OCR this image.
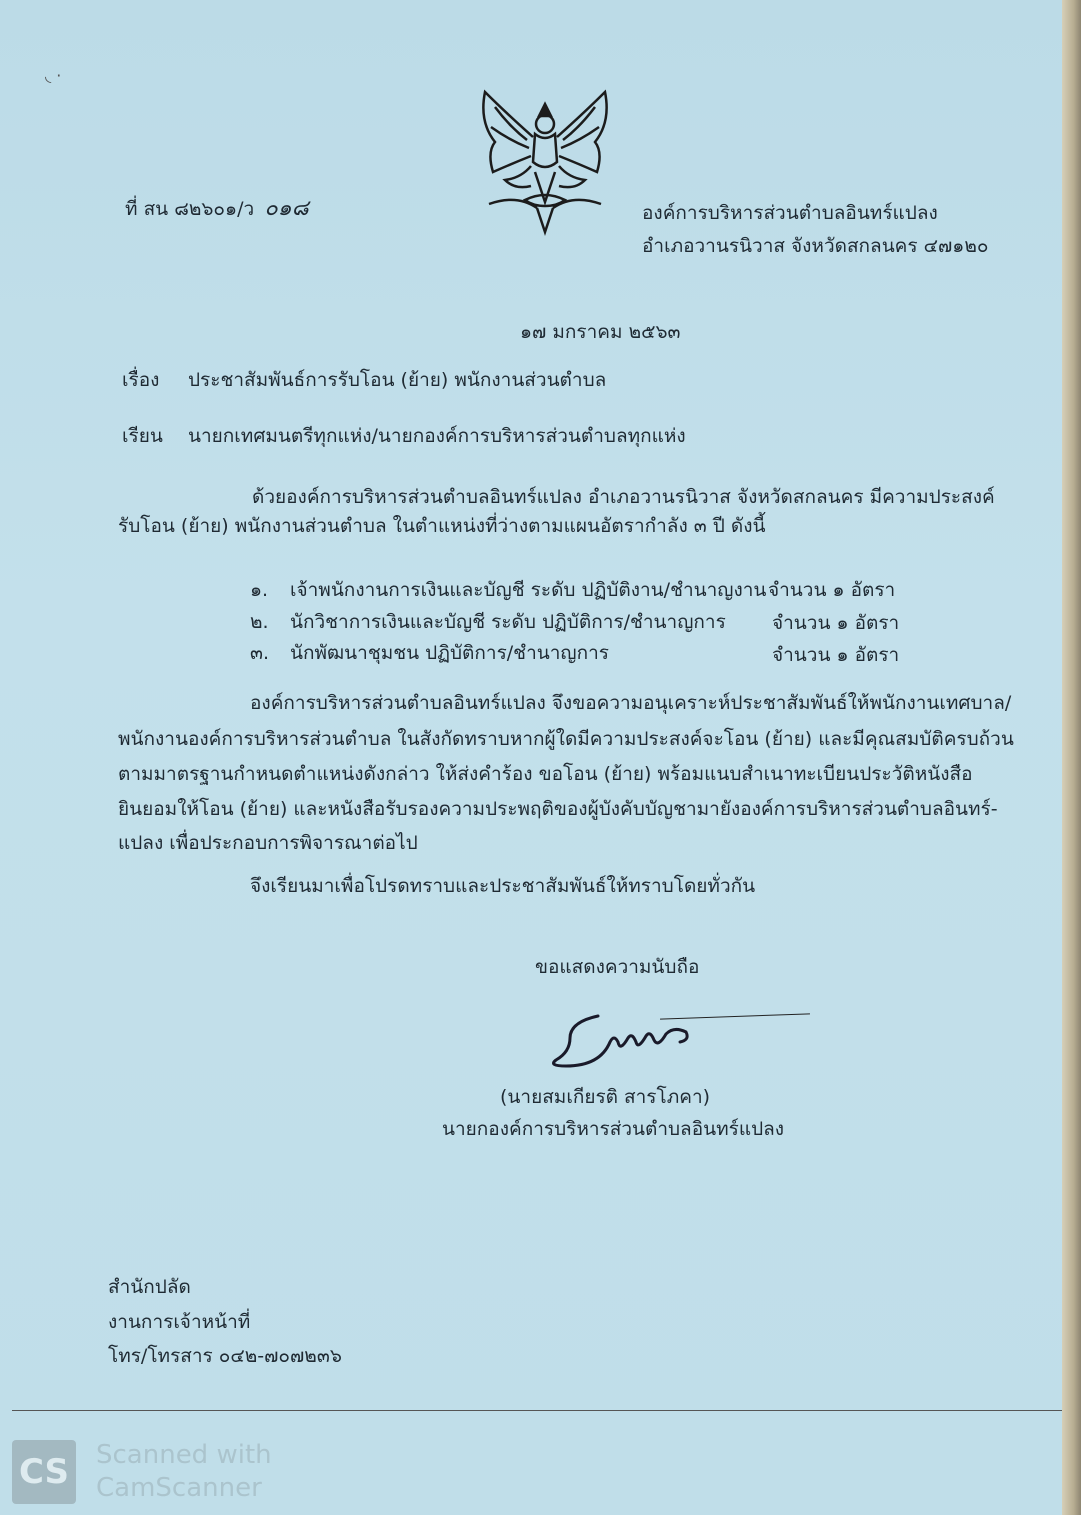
◟ ·
ที่ สน ๘๒๖๐๑/ว ๐๑๘	องค์การบริหารส่วนตำบลอินทร์แปลง
อำเภอวานรนิวาส จังหวัดสกลนคร ๔๗๑๒๐
๑๗ มกราคม ๒๕๖๓
เรื่อง ประชาสัมพันธ์การรับโอน (ย้าย) พนักงานส่วนตำบล
เรียน นายกเทศมนตรีทุกแห่ง/นายกองค์การบริหารส่วนตำบลทุกแห่ง
ด้วยองค์การบริหารส่วนตำบลอินทร์แปลง อำเภอวานรนิวาส จังหวัดสกลนคร มีความประสงค์
รับโอน (ย้าย) พนักงานส่วนตำบล ในตำแหน่งที่ว่างตามแผนอัตรากำลัง ๓ ปี ดังนี้
๑. เจ้าพนักงานการเงินและบัญชี ระดับ ปฏิบัติงาน/ชำนาญงาน จำนวน ๑ อัตรา
๒. นักวิชาการเงินและบัญชี ระดับ ปฏิบัติการ/ชำนาญการ จำนวน ๑ อัตรา
๓. นักพัฒนาชุมชน ปฏิบัติการ/ชำนาญการ	จำนวน ๑ อัตรา
องค์การบริหารส่วนตำบลอินทร์แปลง จึงขอความอนุเคราะห์ประชาสัมพันธ์ให้พนักงานเทศบาล/
พนักงานองค์การบริหารส่วนตำบล ในสังกัดทราบหากผู้ใดมีความประสงค์จะโอน (ย้าย) และมีคุณสมบัติครบถ้วน
ตามมาตรฐานกำหนดตำแหน่งดังกล่าว ให้ส่งคำร้อง ขอโอน (ย้าย) พร้อมแนบสำเนาทะเบียนประวัติหนังสือ
ยินยอมให้โอน (ย้าย) และหนังสือรับรองความประพฤติของผู้บังคับบัญชามายังองค์การบริหารส่วนตำบลอินทร์-
แปลง เพื่อประกอบการพิจารณาต่อไป
จึงเรียนมาเพื่อโปรดทราบและประชาสัมพันธ์ให้ทราบโดยทั่วกัน
ขอแสดงความนับถือ
(นายสมเกียรติ สารโภคา)
นายกองค์การบริหารส่วนตำบลอินทร์แปลง
สำนักปลัด
งานการเจ้าหน้าที่
โทร/โทรสาร ๐๔๒-๗๐๗๒๓๖
CS Scanned with
CamScanner
